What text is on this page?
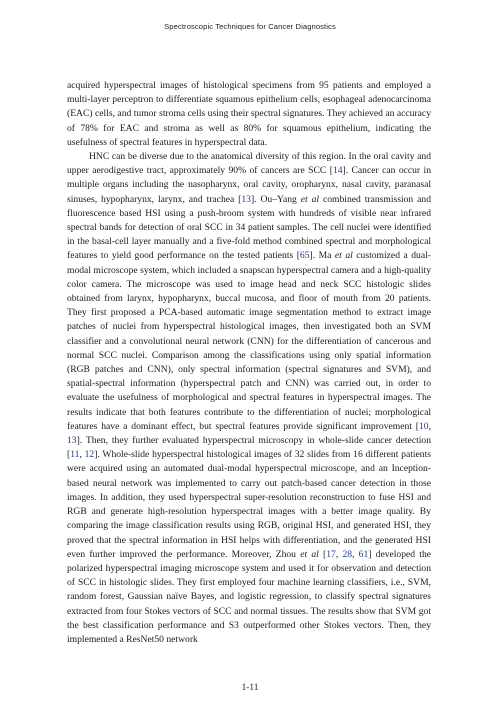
Spectroscopic Techniques for Cancer Diagnostics

acquired hyperspectral images of histological specimens from 95 patients and employed a multi-layer perceptron to differentiate squamous epithelium cells, esophageal adenocarcinoma (EAC) cells, and tumor stroma cells using their spectral signatures. They achieved an accuracy of 78% for EAC and stroma as well as 80% for squamous epithelium, indicating the usefulness of spectral features in hyperspectral data.

HNC can be diverse due to the anatomical diversity of this region. In the oral cavity and upper aerodigestive tract, approximately 90% of cancers are SCC [14]. Cancer can occur in multiple organs including the nasopharynx, oral cavity, oropharynx, nasal cavity, paranasal sinuses, hypopharynx, larynx, and trachea [13]. Ou–Yang et al combined transmission and fluorescence based HSI using a push-broom system with hundreds of visible near infrared spectral bands for detection of oral SCC in 34 patient samples. The cell nuclei were identified in the basal-cell layer manually and a five-fold method combined spectral and morphological features to yield good performance on the tested patients [65]. Ma et al customized a dual-modal microscope system, which included a snapscan hyperspectral camera and a high-quality color camera. The microscope was used to image head and neck SCC histologic slides obtained from larynx, hypopharynx, buccal mucosa, and floor of mouth from 20 patients. They first proposed a PCA-based automatic image segmentation method to extract image patches of nuclei from hyperspectral histological images, then investigated both an SVM classifier and a convolutional neural network (CNN) for the differentiation of cancerous and normal SCC nuclei. Comparison among the classifications using only spatial information (RGB patches and CNN), only spectral information (spectral signatures and SVM), and spatial-spectral information (hyperspectral patch and CNN) was carried out, in order to evaluate the usefulness of morphological and spectral features in hyperspectral images. The results indicate that both features contribute to the differentiation of nuclei; morphological features have a dominant effect, but spectral features provide significant improvement [10, 13]. Then, they further evaluated hyperspectral microscopy in whole-slide cancer detection [11, 12]. Whole-slide hyperspectral histological images of 32 slides from 16 different patients were acquired using an automated dual-modal hyperspectral microscope, and an Inception-based neural network was implemented to carry out patch-based cancer detection in those images. In addition, they used hyperspectral super-resolution reconstruction to fuse HSI and RGB and generate high-resolution hyperspectral images with a better image quality. By comparing the image classification results using RGB, original HSI, and generated HSI, they proved that the spectral information in HSI helps with differentiation, and the generated HSI even further improved the performance. Moreover, Zhou et al [17, 28, 61] developed the polarized hyperspectral imaging microscope system and used it for observation and detection of SCC in histologic slides. They first employed four machine learning classifiers, i.e., SVM, random forest, Gaussian naïve Bayes, and logistic regression, to classify spectral signatures extracted from four Stokes vectors of SCC and normal tissues. The results show that SVM got the best classification performance and S3 outperformed other Stokes vectors. Then, they implemented a ResNet50 network

1-11
